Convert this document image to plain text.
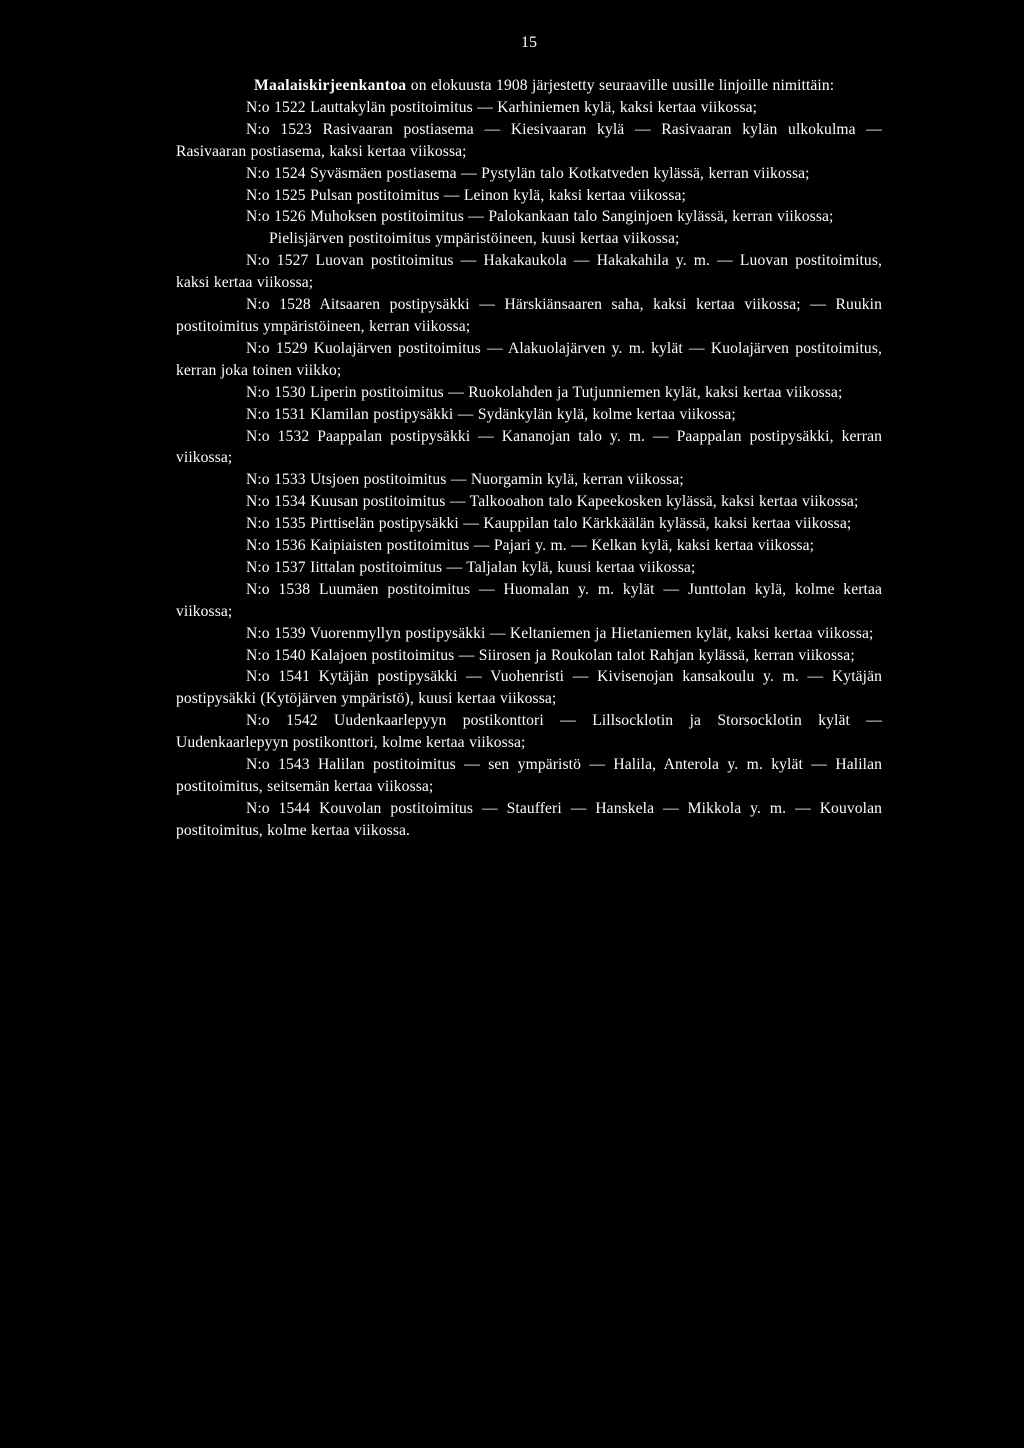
15

Maalaiskirjeenkantoa on elokuusta 1908 järjestetty seuraaville uusille linjoille nimittäin:

N:o 1522 Lauttakylän postitoimitus — Karhiniemen kylä, kaksi kertaa viikossa;

N:o 1523 Rasivaaran postiasema — Kiesivaaran kylä — Rasivaaran kylän ulkokulma — Rasivaaran postiasema, kaksi kertaa viikossa;

N:o 1524 Syväsmäen postiasema — Pystylän talo Kotkatveden kylässä, kerran viikossa;

N:o 1525 Pulsan postitoimitus — Leinon kylä, kaksi kertaa viikossa;

N:o 1526 Muhoksen postitoimitus — Palokankaan talo Sanginjoen kylässä, kerran viikossa;

Pielisjärven postitoimitus ympäristöineen, kuusi kertaa viikossa;

N:o 1527 Luovan postitoimitus — Hakakaukola — Hakakahila y. m. — Luovan postitoimitus, kaksi kertaa viikossa;

N:o 1528 Aitsaaren postipysäkki — Härskiänsaaren saha, kaksi kertaa viikossa; — Ruukin postitoimitus ympäristöineen, kerran viikossa;

N:o 1529 Kuolajärven postitoimitus — Alakuolajärven y. m. kylät — Kuolajärven postitoimitus, kerran joka toinen viikko;

N:o 1530 Liperin postitoimitus — Ruokolahden ja Tutjunniemen kylät, kaksi kertaa viikossa;

N:o 1531 Klamilan postipysäkki — Sydänkylän kylä, kolme kertaa viikossa;

N:o 1532 Paappalan postipysäkki — Kananojan talo y. m. — Paappalan postipysäkki, kerran viikossa;

N:o 1533 Utsjoen postitoimitus — Nuorgamin kylä, kerran viikossa;

N:o 1534 Kuusan postitoimitus — Talkooahon talo Kapeekosken kylässä, kaksi kertaa viikossa;

N:o 1535 Pirttiselän postipysäkki — Kauppilan talo Kärkkäälän kylässä, kaksi kertaa viikossa;

N:o 1536 Kaipiaisten postitoimitus — Pajari y. m. — Kelkan kylä, kaksi kertaa viikossa;

N:o 1537 Iittalan postitoimitus — Taljalan kylä, kuusi kertaa viikossa;

N:o 1538 Luumäen postitoimitus — Huomalan y. m. kylät — Junttolan kylä, kolme kertaa viikossa;

N:o 1539 Vuorenmyllyn postipysäkki — Keltaniemen ja Hietaniemen kylät, kaksi kertaa viikossa;

N:o 1540 Kalajoen postitoimitus — Siirosen ja Roukolan talot Rahjan kylässä, kerran viikossa;

N:o 1541 Kytäjän postipysäkki — Vuohenristi — Kivisenojan kansakoulu y. m. — Kytäjän postipysäkki (Kytöjärven ympäristö), kuusi kertaa viikossa;

N:o 1542 Uudenkaarlepyyn postikonttori — Lillsocklotin ja Storsocklotin kylät — Uudenkaarlepyyn postikonttori, kolme kertaa viikossa;

N:o 1543 Halilan postitoimitus — sen ympäristö — Halila, Anterola y. m. kylät — Halilan postitoimitus, seitsemän kertaa viikossa;

N:o 1544 Kouvolan postitoimitus — Staufferi — Hanskela — Mikkola y. m. — Kouvolan postitoimitus, kolme kertaa viikossa.
